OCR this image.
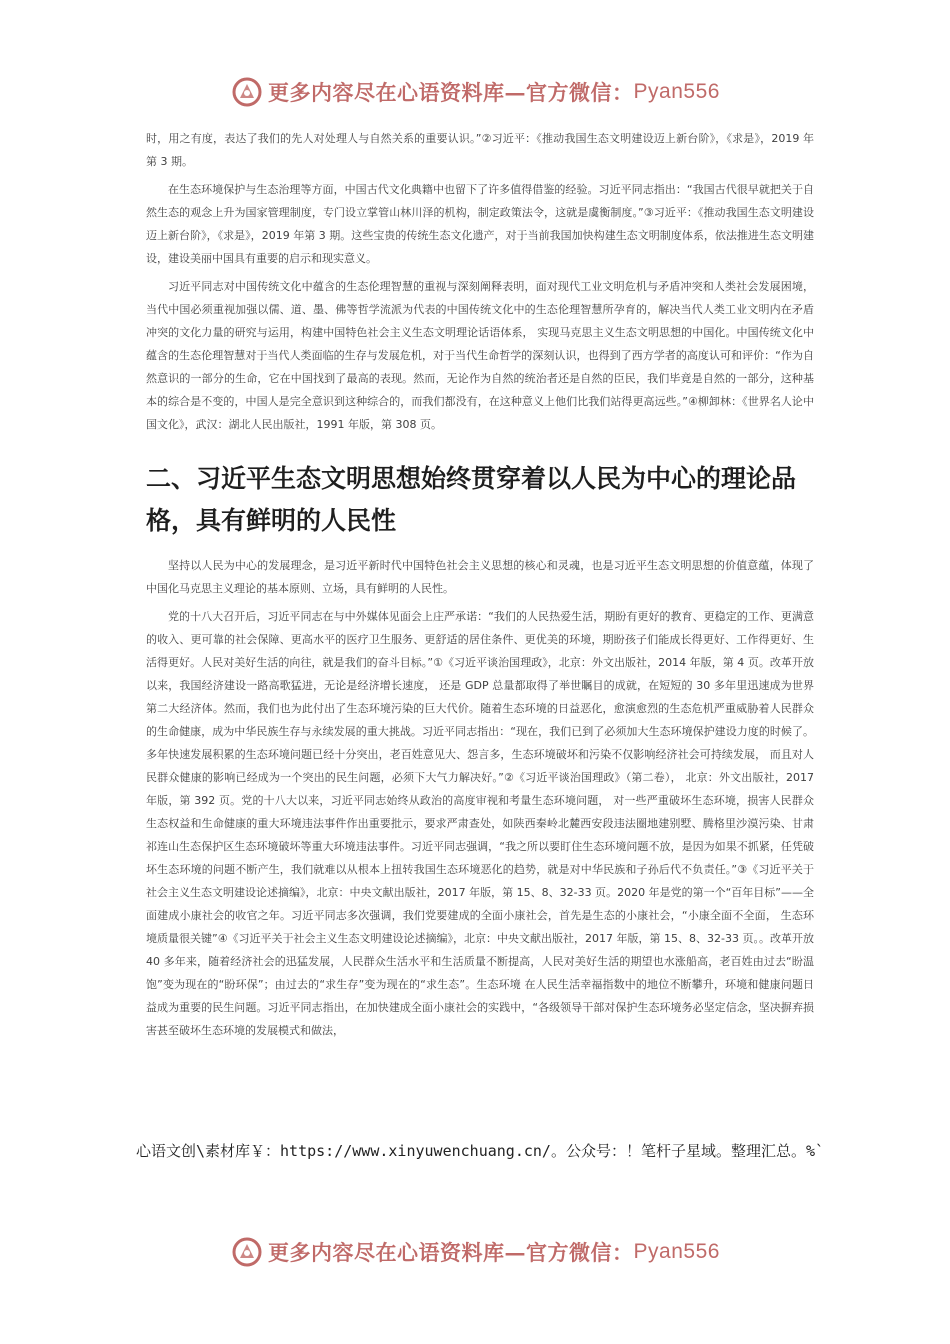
更多内容尽在心语资料库—官方微信： Pyan556

时，用之有度，表达了我们的先人对处理人与自然关系的重要认识。”②习近平：《推动我国生态文明建设迈上新台阶》，《求是》，2019 年第 3 期。

在生态环境保护与生态治理等方面，中国古代文化典籍中也留下了许多值得借鉴的经验。习近平同志指出：“我国古代很早就把关于自然生态的观念上升为国家管理制度，专门设立掌管山林川泽的机构，制定政策法令，这就是虞衡制度。”③习近平：《推动我国生态文明建设迈上新台阶》，《求是》，2019 年第 3 期。这些宝贵的传统生态文化遗产，对于当前我国加快构建生态文明制度体系，依法推进生态文明建设，建设美丽中国具有重要的启示和现实意义。

习近平同志对中国传统文化中蕴含的生态伦理智慧的重视与深刻阐释表明，面对现代工业文明危机与矛盾冲突和人类社会发展困境，当代中国必须重视加强以儒、道、墨、佛等哲学流派为代表的中国传统文化中的生态伦理智慧所孕育的，解决当代人类工业文明内在矛盾冲突的文化力量的研究与运用，构建中国特色社会主义生态文明理论话语体系， 实现马克思主义生态文明思想的中国化。中国传统文化中蕴含的生态伦理智慧对于当代人类面临的生存与发展危机，对于当代生命哲学的深刻认识，也得到了西方学者的高度认可和评价：“作为自然意识的一部分的生命，它在中国找到了最高的表现。然而，无论作为自然的统治者还是自然的臣民，我们毕竟是自然的一部分，这种基本的综合是不变的，中国人是完全意识到这种综合的，而我们都没有，在这种意义上他们比我们站得更高远些。”④柳卸林：《世界名人论中国文化》，武汉：湖北人民出版社，1991 年版，第 308 页。

二、习近平生态文明思想始终贯穿着以人民为中心的理论品格，具有鲜明的人民性

坚持以人民为中心的发展理念，是习近平新时代中国特色社会主义思想的核心和灵魂，也是习近平生态文明思想的价值意蕴，体现了中国化马克思主义理论的基本原则、立场，具有鲜明的人民性。

党的十八大召开后，习近平同志在与中外媒体见面会上庄严承诺：“我们的人民热爱生活，期盼有更好的教育、更稳定的工作、更满意的收入、更可靠的社会保障、更高水平的医疗卫生服务、更舒适的居住条件、更优美的环境，期盼孩子们能成长得更好、工作得更好、生活得更好。人民对美好生活的向往，就是我们的奋斗目标。”①《习近平谈治国理政》，北京：外文出版社，2014 年版，第 4 页。改革开放以来，我国经济建设一路高歌猛进，无论是经济增长速度， 还是 GDP 总量都取得了举世瞩目的成就，在短短的 30 多年里迅速成为世界第二大经济体。然而，我们也为此付出了生态环境污染的巨大代价。随着生态环境的日益恶化，愈演愈烈的生态危机严重威胁着人民群众的生命健康，成为中华民族生存与永续发展的重大挑战。习近平同志指出：“现在，我们已到了必须加大生态环境保护建设力度的时候了。多年快速发展积累的生态环境问题已经十分突出，老百姓意见大、怨言多，生态环境破坏和污染不仅影响经济社会可持续发展， 而且对人民群众健康的影响已经成为一个突出的民生问题，必须下大气力解决好。”②《习近平谈治国理政》（第二卷）， 北京：外文出版社，2017 年版，第 392 页。党的十八大以来，习近平同志始终从政治的高度审视和考量生态环境问题， 对一些严重破坏生态环境，损害人民群众生态权益和生命健康的重大环境违法事件作出重要批示，要求严肃查处，如陕西秦岭北麓西安段违法圈地建别墅、腾格里沙漠污染、甘肃祁连山生态保护区生态环境破坏等重大环境违法事件。习近平同志强调，“我之所以要盯住生态环境问题不放，是因为如果不抓紧，任凭破坏生态环境的问题不断产生，我们就难以从根本上扭转我国生态环境恶化的趋势，就是对中华民族和子孙后代不负责任。”③《习近平关于社会主义生态文明建设论述摘编》，北京：中央文献出版社，2017 年版，第 15、8、32-33 页。2020 年是党的第一个“百年目标”——全面建成小康社会的收官之年。习近平同志多次强调，我们党要建成的全面小康社会，首先是生态的小康社会，“小康全面不全面， 生态环境质量很关键”④《习近平关于社会主义生态文明建设论述摘编》，北京：中央文献出版社，2017 年版，第 15、8、32-33 页。。改革开放 40 多年来，随着经济社会的迅猛发展，人民群众生活水平和生活质量不断提高，人民对美好生活的期望也水涨船高，老百姓由过去“盼温饱”变为现在的“盼环保”；由过去的“求生存”变为现在的“求生态”。生态环境 在人民生活幸福指数中的地位不断攀升，环境和健康问题日益成为重要的民生问题。习近平同志指出，在加快建成全面小康社会的实践中，“各级领导干部对保护生态环境务必坚定信念，坚决摒弃损害甚至破坏生态环境的发展模式和做法，

心语文创\素材库￥：https://www.xinyuwenchuang.cn/。公众号：！笔杆子星域。整理汇总。%`
更多内容尽在心语资料库—官方微信： Pyan556
